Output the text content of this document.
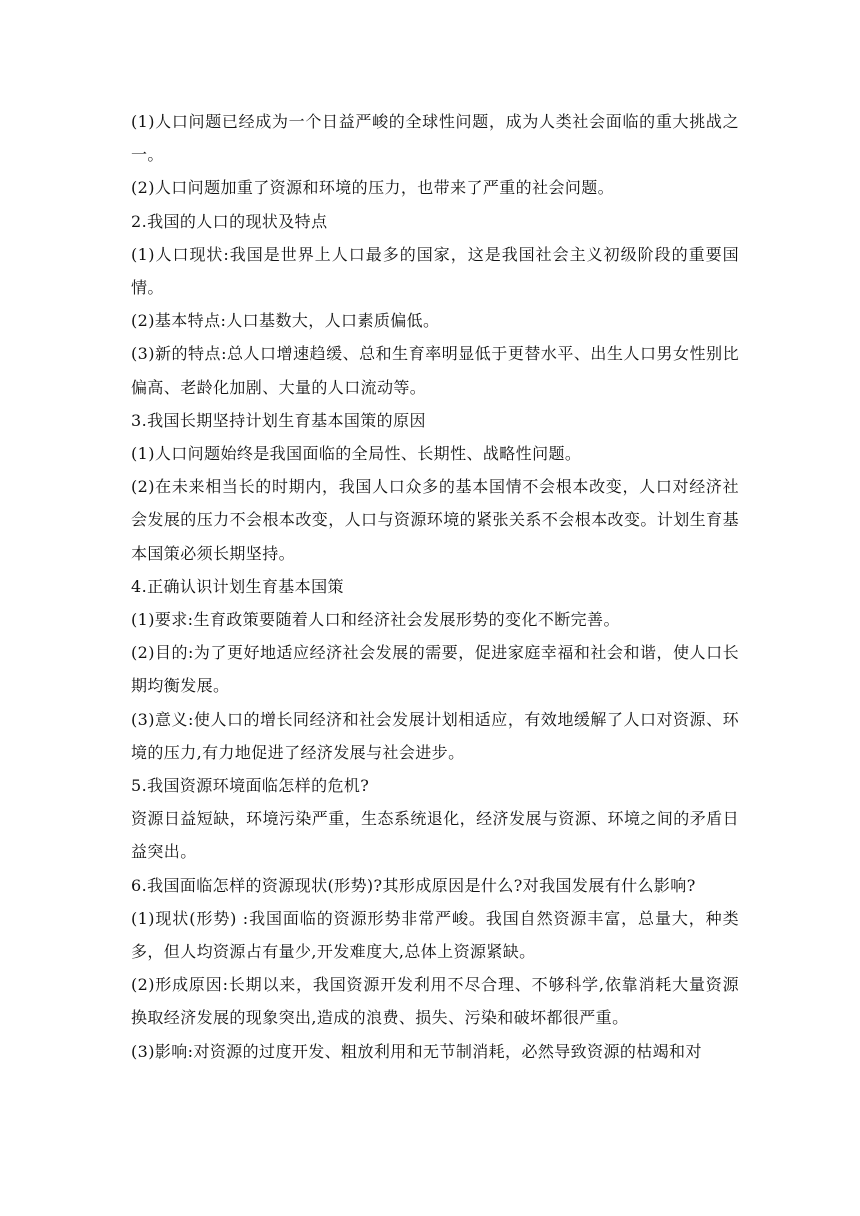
(1)人口问题已经成为一个日益严峻的全球性问题，成为人类社会面临的重大挑战之一。

(2)人口问题加重了资源和环境的压力，也带来了严重的社会问题。

2.我国的人口的现状及特点

(1)人口现状:我国是世界上人口最多的国家，这是我国社会主义初级阶段的重要国情。

(2)基本特点:人口基数大，人口素质偏低。

(3)新的特点:总人口增速趋缓、总和生育率明显低于更替水平、出生人口男女性别比偏高、老龄化加剧、大量的人口流动等。

3.我国长期坚持计划生育基本国策的原因

(1)人口问题始终是我国面临的全局性、长期性、战略性问题。

(2)在未来相当长的时期内，我国人口众多的基本国情不会根本改变，人口对经济社会发展的压力不会根本改变，人口与资源环境的紧张关系不会根本改变。计划生育基本国策必须长期坚持。

4.正确认识计划生育基本国策

(1)要求:生育政策要随着人口和经济社会发展形势的变化不断完善。

(2)目的:为了更好地适应经济社会发展的需要，促进家庭幸福和社会和谐，使人口长期均衡发展。

(3)意义:使人口的增长同经济和社会发展计划相适应，有效地缓解了人口对资源、环境的压力,有力地促进了经济发展与社会进步。

5.我国资源环境面临怎样的危机?

资源日益短缺，环境污染严重，生态系统退化，经济发展与资源、环境之间的矛盾日益突出。

6.我国面临怎样的资源现状(形势)?其形成原因是什么?对我国发展有什么影响?

(1)现状(形势) :我国面临的资源形势非常严峻。我国自然资源丰富，总量大，种类多，但人均资源占有量少,开发难度大,总体上资源紧缺。

(2)形成原因:长期以来，我国资源开发利用不尽合理、不够科学,依靠消耗大量资源换取经济发展的现象突出,造成的浪费、损失、污染和破坏都很严重。

(3)影响:对资源的过度开发、粗放利用和无节制消耗，必然导致资源的枯竭和对
